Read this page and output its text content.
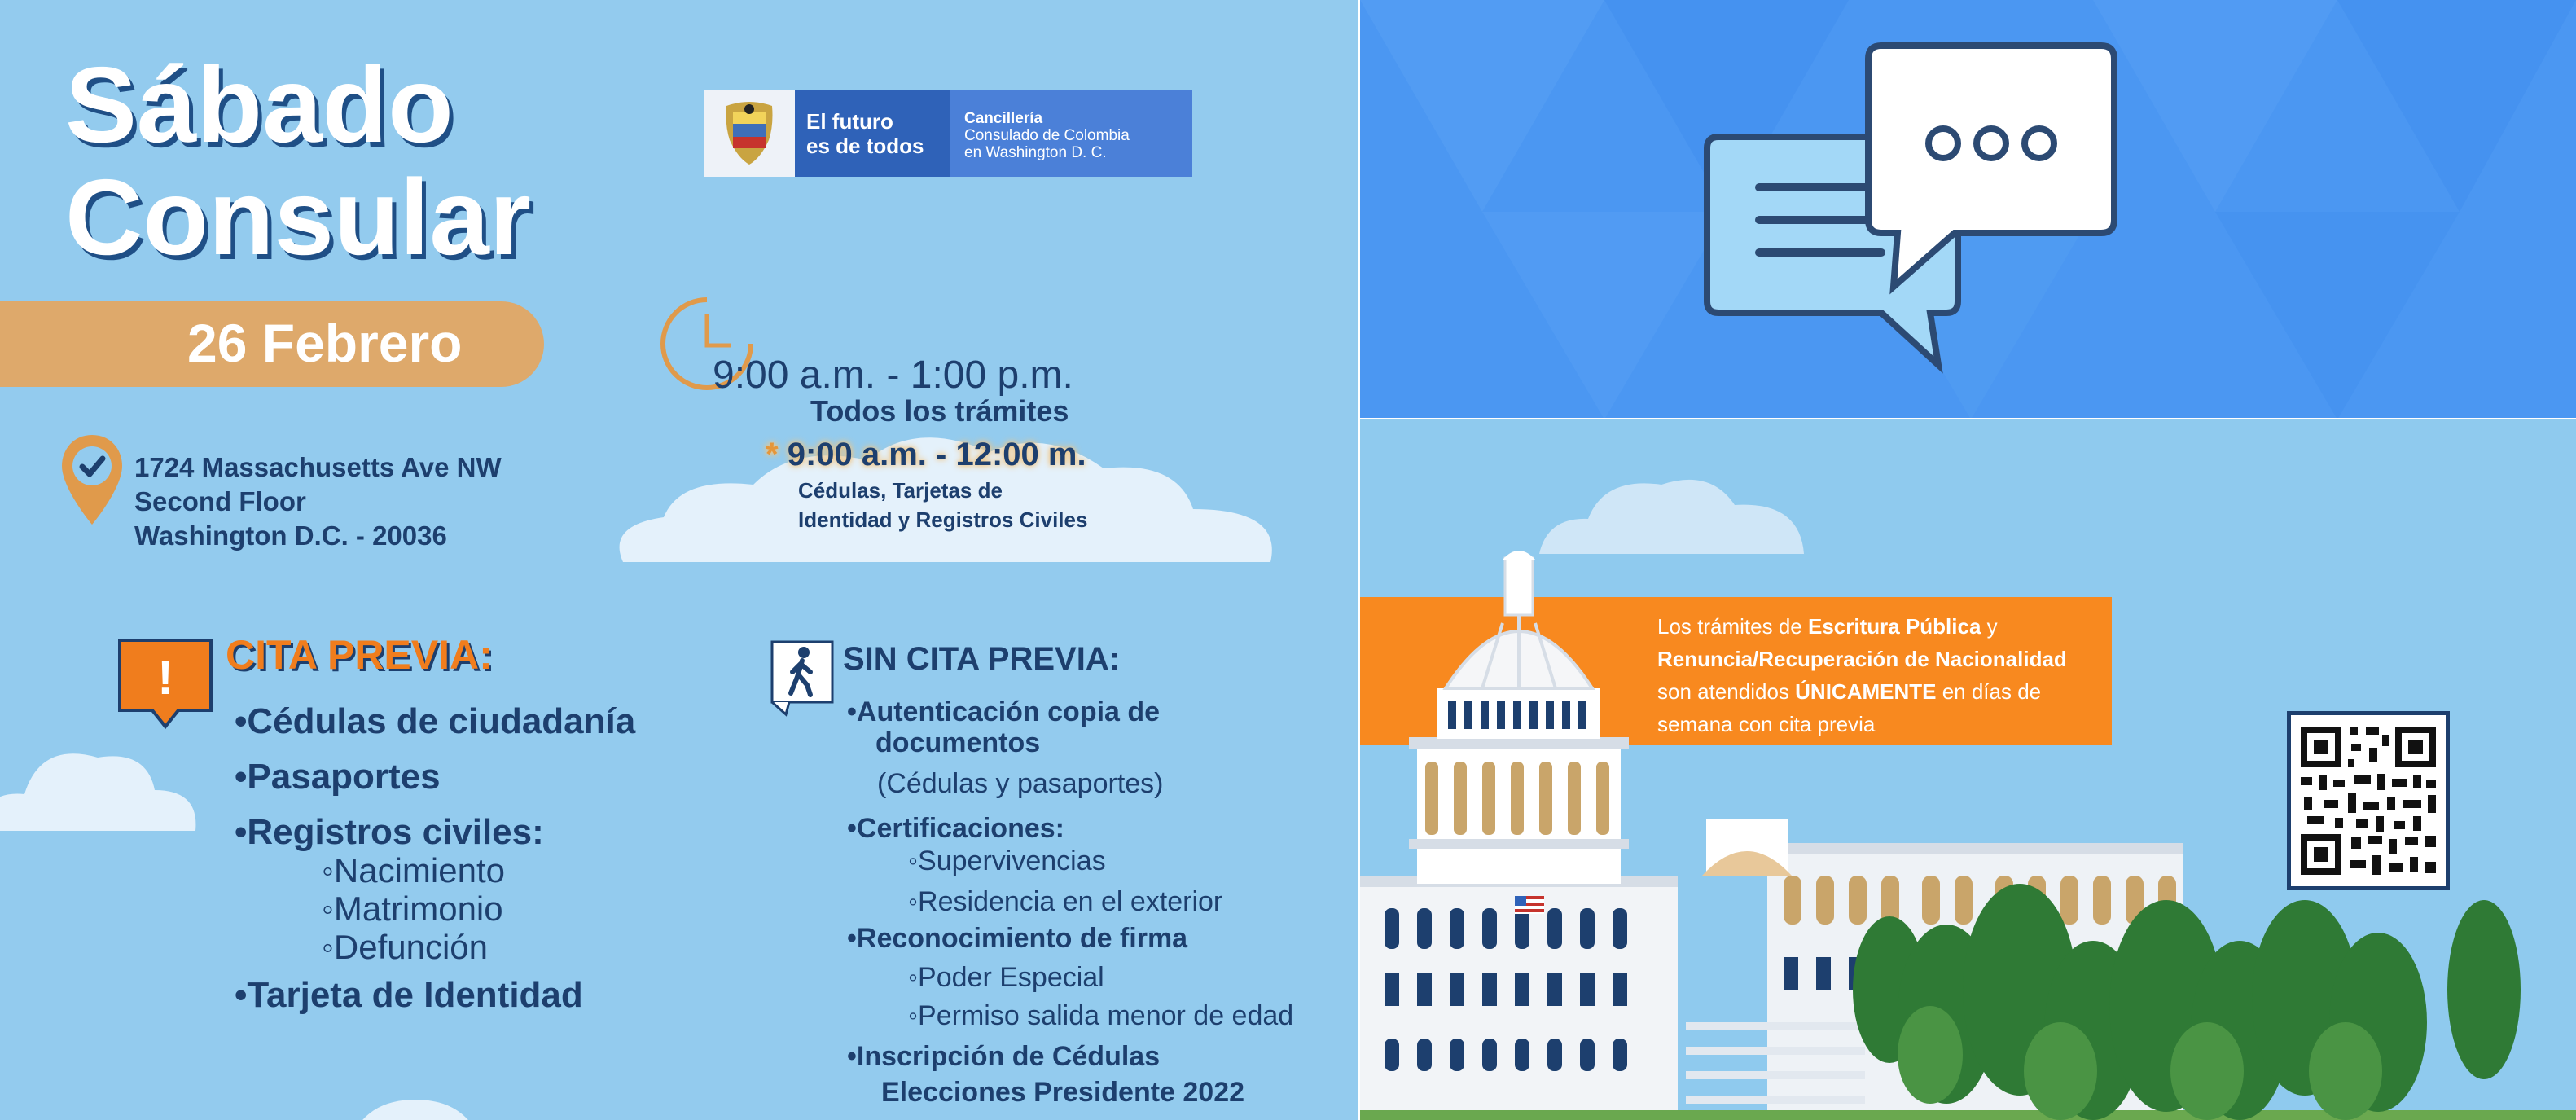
Sábado
Consular
26 Febrero
1724 Massachusetts Ave NW
Second Floor
Washington D.C. - 20036
El futuro
es de todos
Cancillería
Consulado de Colombia
en Washington D. C.
9:00 a.m. - 1:00 p.m.
Todos los trámites
* 9:00 a.m. - 12:00 m.
Cédulas, Tarjetas de
Identidad y Registros Civiles
! CITA PREVIA:
•Cédulas de ciudadanía
•Pasaportes
•Registros civiles:
◦Nacimiento
◦Matrimonio
◦Defunción
•Tarjeta de Identidad
SIN CITA PREVIA:
•Autenticación copia de
documentos
(Cédulas y pasaportes)
•Certificaciones:
◦Supervivencias
◦Residencia en el exterior
•Reconocimiento de firma
◦Poder Especial
◦Permiso salida menor de edad
•Inscripción de Cédulas
Elecciones Presidente 2022
Los trámites de Escritura Pública y
Renuncia/Recuperación de Nacionalidad
son atendidos ÚNICAMENTE en días de
semana con cita previa
